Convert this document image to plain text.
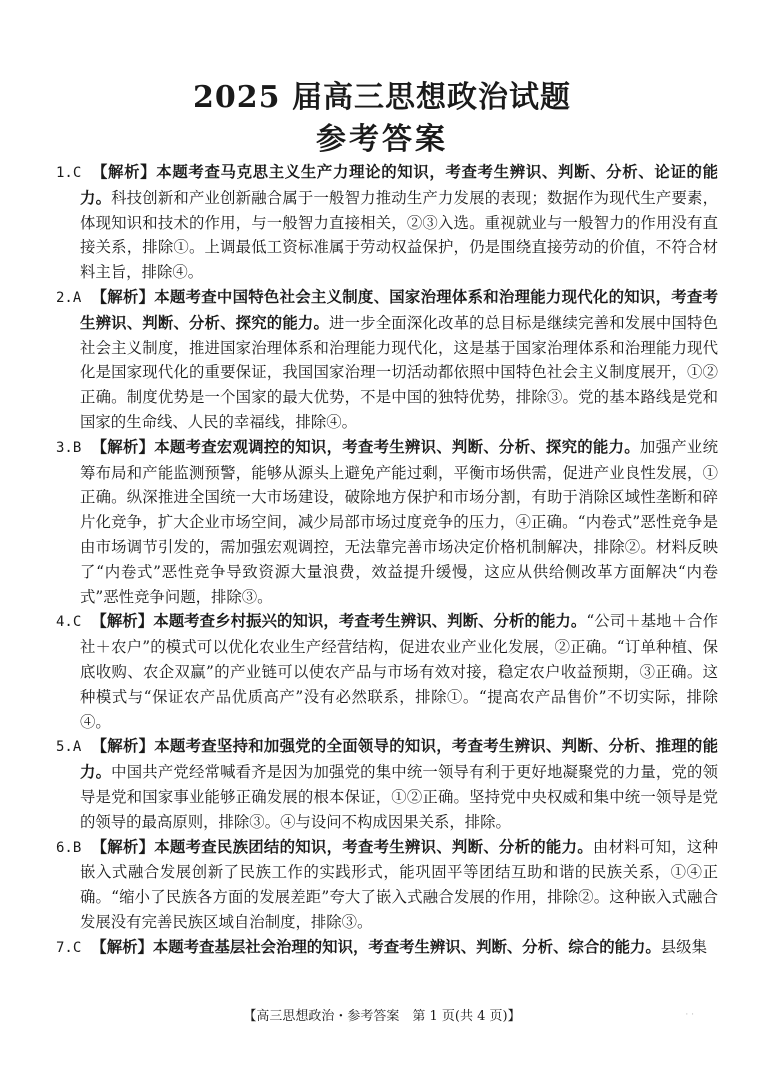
2025 届高三思想政治试题
参考答案

1.C 【解析】本题考查马克思主义生产力理论的知识，考查考生辨识、判断、分析、论证的能力。科技创新和产业创新融合属于一般智力推动生产力发展的表现；数据作为现代生产要素，体现知识和技术的作用，与一般智力直接相关，②③入选。重视就业与一般智力的作用没有直接关系，排除①。上调最低工资标准属于劳动权益保护，仍是围绕直接劳动的价值，不符合材料主旨，排除④。

2.A 【解析】本题考查中国特色社会主义制度、国家治理体系和治理能力现代化的知识，考查考生辨识、判断、分析、探究的能力。进一步全面深化改革的总目标是继续完善和发展中国特色社会主义制度，推进国家治理体系和治理能力现代化，这是基于国家治理体系和治理能力现代化是国家现代化的重要保证，我国国家治理一切活动都依照中国特色社会主义制度展开，①②正确。制度优势是一个国家的最大优势，不是中国的独特优势，排除③。党的基本路线是党和国家的生命线、人民的幸福线，排除④。

3.B 【解析】本题考查宏观调控的知识，考查考生辨识、判断、分析、探究的能力。加强产业统筹布局和产能监测预警，能够从源头上避免产能过剩，平衡市场供需，促进产业良性发展，①正确。纵深推进全国统一大市场建设，破除地方保护和市场分割，有助于消除区域性垄断和碎片化竞争，扩大企业市场空间，减少局部市场过度竞争的压力，④正确。“内卷式”恶性竞争是由市场调节引发的，需加强宏观调控，无法靠完善市场决定价格机制解决，排除②。材料反映了“内卷式”恶性竞争导致资源大量浪费，效益提升缓慢，这应从供给侧改革方面解决“内卷式”恶性竞争问题，排除③。

4.C 【解析】本题考查乡村振兴的知识，考查考生辨识、判断、分析的能力。“公司＋基地＋合作社＋农户”的模式可以优化农业生产经营结构，促进农业产业化发展，②正确。“订单种植、保底收购、农企双赢”的产业链可以使农产品与市场有效对接，稳定农户收益预期，③正确。这种模式与“保证农产品优质高产”没有必然联系，排除①。“提高农产品售价”不切实际，排除④。

5.A 【解析】本题考查坚持和加强党的全面领导的知识，考查考生辨识、判断、分析、推理的能力。中国共产党经常喊看齐是因为加强党的集中统一领导有利于更好地凝聚党的力量，党的领导是党和国家事业能够正确发展的根本保证，①②正确。坚持党中央权威和集中统一领导是党的领导的最高原则，排除③。④与设问不构成因果关系，排除。

6.B 【解析】本题考查民族团结的知识，考查考生辨识、判断、分析的能力。由材料可知，这种嵌入式融合发展创新了民族工作的实践形式，能巩固平等团结互助和谐的民族关系，①④正确。“缩小了民族各方面的发展差距”夸大了嵌入式融合发展的作用，排除②。这种嵌入式融合发展没有完善民族区域自治制度，排除③。

7.C 【解析】本题考查基层社会治理的知识，考查考生辨识、判断、分析、综合的能力。县级集

【高三思想政治・参考答案　第 1 页(共 4 页)】	· ·
